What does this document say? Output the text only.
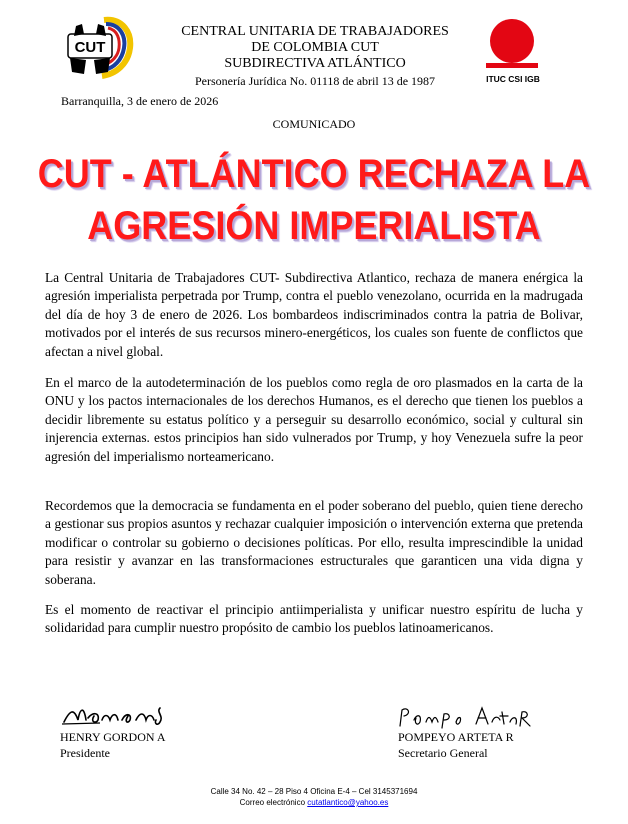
CUT
CENTRAL UNITARIA DE TRABAJADORES
DE COLOMBIA CUT
SUBDIRECTIVA ATLÁNTICO
Personería Jurídica No. 01118 de abril 13 de 1987	ITUC CSI IGB
Barranquilla, 3 de enero de 2026
COMUNICADO
CUT - ATLÁNTICO RECHAZA LA
AGRESIÓN IMPERIALISTA
La Central Unitaria de Trabajadores CUT- Subdirectiva Atlantico, rechaza de manera enérgica la agresión imperialista perpetrada por Trump, contra el pueblo venezolano, ocurrida en la madrugada del día de hoy 3 de enero de 2026. Los bombardeos indiscriminados contra la patria de Bolivar, motivados por el interés de sus recursos minero-energéticos, los cuales son fuente de conflictos que afectan a nivel global.
En el marco de la autodeterminación de los pueblos como regla de oro plasmados en la carta de la ONU y los pactos internacionales de los derechos Humanos, es el derecho que tienen los pueblos a decidir libremente su estatus político y a perseguir su desarrollo económico, social y cultural sin injerencia externas. estos principios han sido vulnerados por Trump, y hoy Venezuela sufre la peor agresión del imperialismo norteamericano.
Recordemos que la democracia se fundamenta en el poder soberano del pueblo, quien tiene derecho a gestionar sus propios asuntos y rechazar cualquier imposición o intervención externa que pretenda modificar o controlar su gobierno o decisiones políticas. Por ello, resulta imprescindible la unidad para resistir y avanzar en las transformaciones estructurales que garanticen una vida digna y soberana.
Es el momento de reactivar el principio antiimperialista y unificar nuestro espíritu de lucha y solidaridad para cumplir nuestro propósito de cambio los pueblos latinoamericanos.
HENRY GORDON A
Presidente
POMPEYO ARTETA R
Secretario General
Calle 34 No. 42 – 28 Piso 4 Oficina E-4 – Cel 3145371694
Correo electrónico cutatlantico@yahoo.es
